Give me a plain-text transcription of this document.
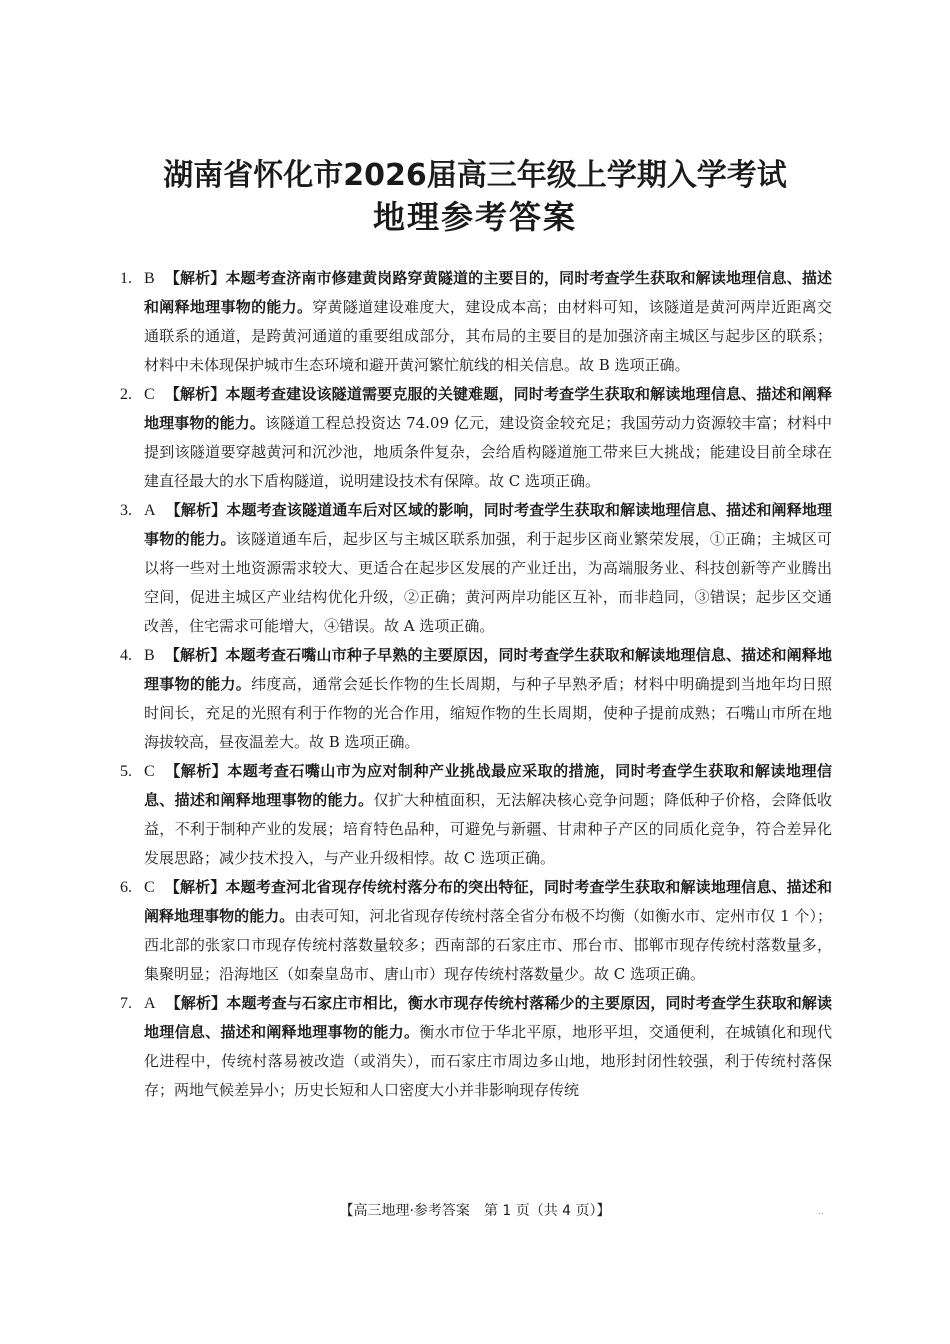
湖南省怀化市2026届高三年级上学期入学考试
地理参考答案
1. B 【解析】本题考查济南市修建黄岗路穿黄隧道的主要目的，同时考查学生获取和解读地理信息、描述和阐释地理事物的能力。穿黄隧道建设难度大，建设成本高；由材料可知，该隧道是黄河两岸近距离交通联系的通道，是跨黄河通道的重要组成部分，其布局的主要目的是加强济南主城区与起步区的联系；材料中未体现保护城市生态环境和避开黄河繁忙航线的相关信息。故 B 选项正确。
2. C 【解析】本题考查建设该隧道需要克服的关键难题，同时考查学生获取和解读地理信息、描述和阐释地理事物的能力。该隧道工程总投资达 74.09 亿元，建设资金较充足；我国劳动力资源较丰富；材料中提到该隧道要穿越黄河和沉沙池，地质条件复杂，会给盾构隧道施工带来巨大挑战；能建设目前全球在建直径最大的水下盾构隧道，说明建设技术有保障。故 C 选项正确。
3. A 【解析】本题考查该隧道通车后对区域的影响，同时考查学生获取和解读地理信息、描述和阐释地理事物的能力。该隧道通车后，起步区与主城区联系加强，利于起步区商业繁荣发展，①正确；主城区可以将一些对土地资源需求较大、更适合在起步区发展的产业迁出，为高端服务业、科技创新等产业腾出空间，促进主城区产业结构优化升级，②正确；黄河两岸功能区互补，而非趋同，③错误；起步区交通改善，住宅需求可能增大，④错误。故 A 选项正确。
4. B 【解析】本题考查石嘴山市种子早熟的主要原因，同时考查学生获取和解读地理信息、描述和阐释地理事物的能力。纬度高，通常会延长作物的生长周期，与种子早熟矛盾；材料中明确提到当地年均日照时间长，充足的光照有利于作物的光合作用，缩短作物的生长周期，使种子提前成熟；石嘴山市所在地海拔较高，昼夜温差大。故 B 选项正确。
5. C 【解析】本题考查石嘴山市为应对制种产业挑战最应采取的措施，同时考查学生获取和解读地理信息、描述和阐释地理事物的能力。仅扩大种植面积，无法解决核心竞争问题；降低种子价格，会降低收益，不利于制种产业的发展；培育特色品种，可避免与新疆、甘肃种子产区的同质化竞争，符合差异化发展思路；减少技术投入，与产业升级相悖。故 C 选项正确。
6. C 【解析】本题考查河北省现存传统村落分布的突出特征，同时考查学生获取和解读地理信息、描述和阐释地理事物的能力。由表可知，河北省现存传统村落全省分布极不均衡（如衡水市、定州市仅 1 个）；西北部的张家口市现存传统村落数量较多；西南部的石家庄市、邢台市、邯郸市现存传统村落数量多，集聚明显；沿海地区（如秦皇岛市、唐山市）现存传统村落数量少。故 C 选项正确。
7. A 【解析】本题考查与石家庄市相比，衡水市现存传统村落稀少的主要原因，同时考查学生获取和解读地理信息、描述和阐释地理事物的能力。衡水市位于华北平原，地形平坦，交通便利，在城镇化和现代化进程中，传统村落易被改造（或消失），而石家庄市周边多山地，地形封闭性较强，利于传统村落保存；两地气候差异小；历史长短和人口密度大小并非影响现存传统
【高三地理·参考答案　第 1 页（共 4 页）】	..
